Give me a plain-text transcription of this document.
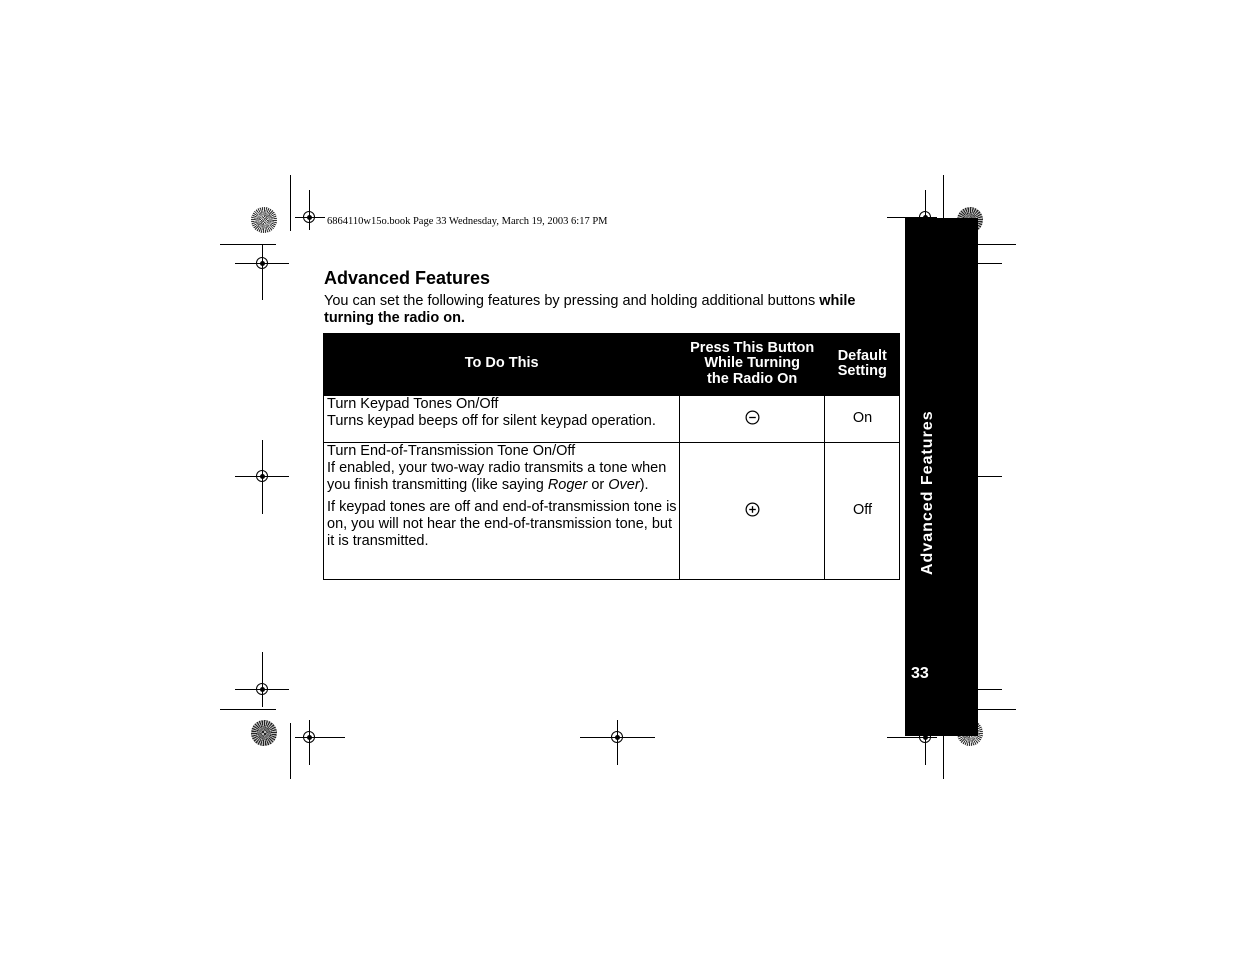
6864110w15o.book Page 33 Wednesday, March 19, 2003 6:17 PM
Advanced Features
33
Advanced Features
You can set the following features by pressing and holding additional buttons while turning the radio on.
To Do This	Press This Button
While Turning
the Radio On	Default
Setting

Turn Keypad Tones On/Off

Turns keypad beeps off for silent keypad operation.		On

Turn End-of-Transmission Tone On/Off

If enabled, your two-way radio transmits a tone when you finish transmitting (like saying Roger or Over).

If keypad tones are off and end-of-transmission tone is on, you will not hear the end-of-transmission tone, but it is transmitted.		Off
